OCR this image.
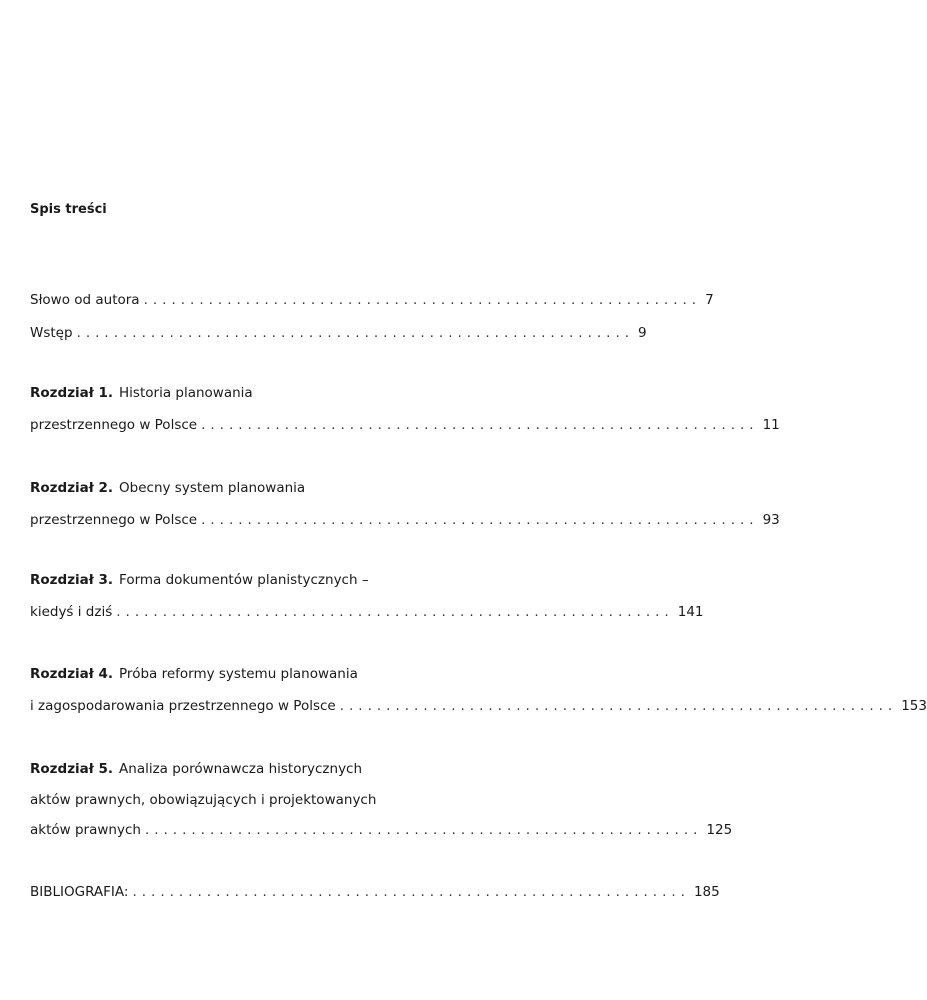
Spis treści
Słowo od autora ............................................................ 7
Wstęp ............................................................ 9
Rozdział 1. Historia planowania
przestrzennego w Polsce ............................................................ 11
Rozdział 2. Obecny system planowania
przestrzennego w Polsce ............................................................ 93
Rozdział 3. Forma dokumentów planistycznych –
kiedyś i dziś ............................................................ 141
Rozdział 4. Próba reformy systemu planowania
i zagospodarowania przestrzennego w Polsce ............................................................ 153
Rozdział 5. Analiza porównawcza historycznych
aktów prawnych, obowiązujących i projektowanych
aktów prawnych ............................................................ 125
BIBLIOGRAFIA: ............................................................ 185
